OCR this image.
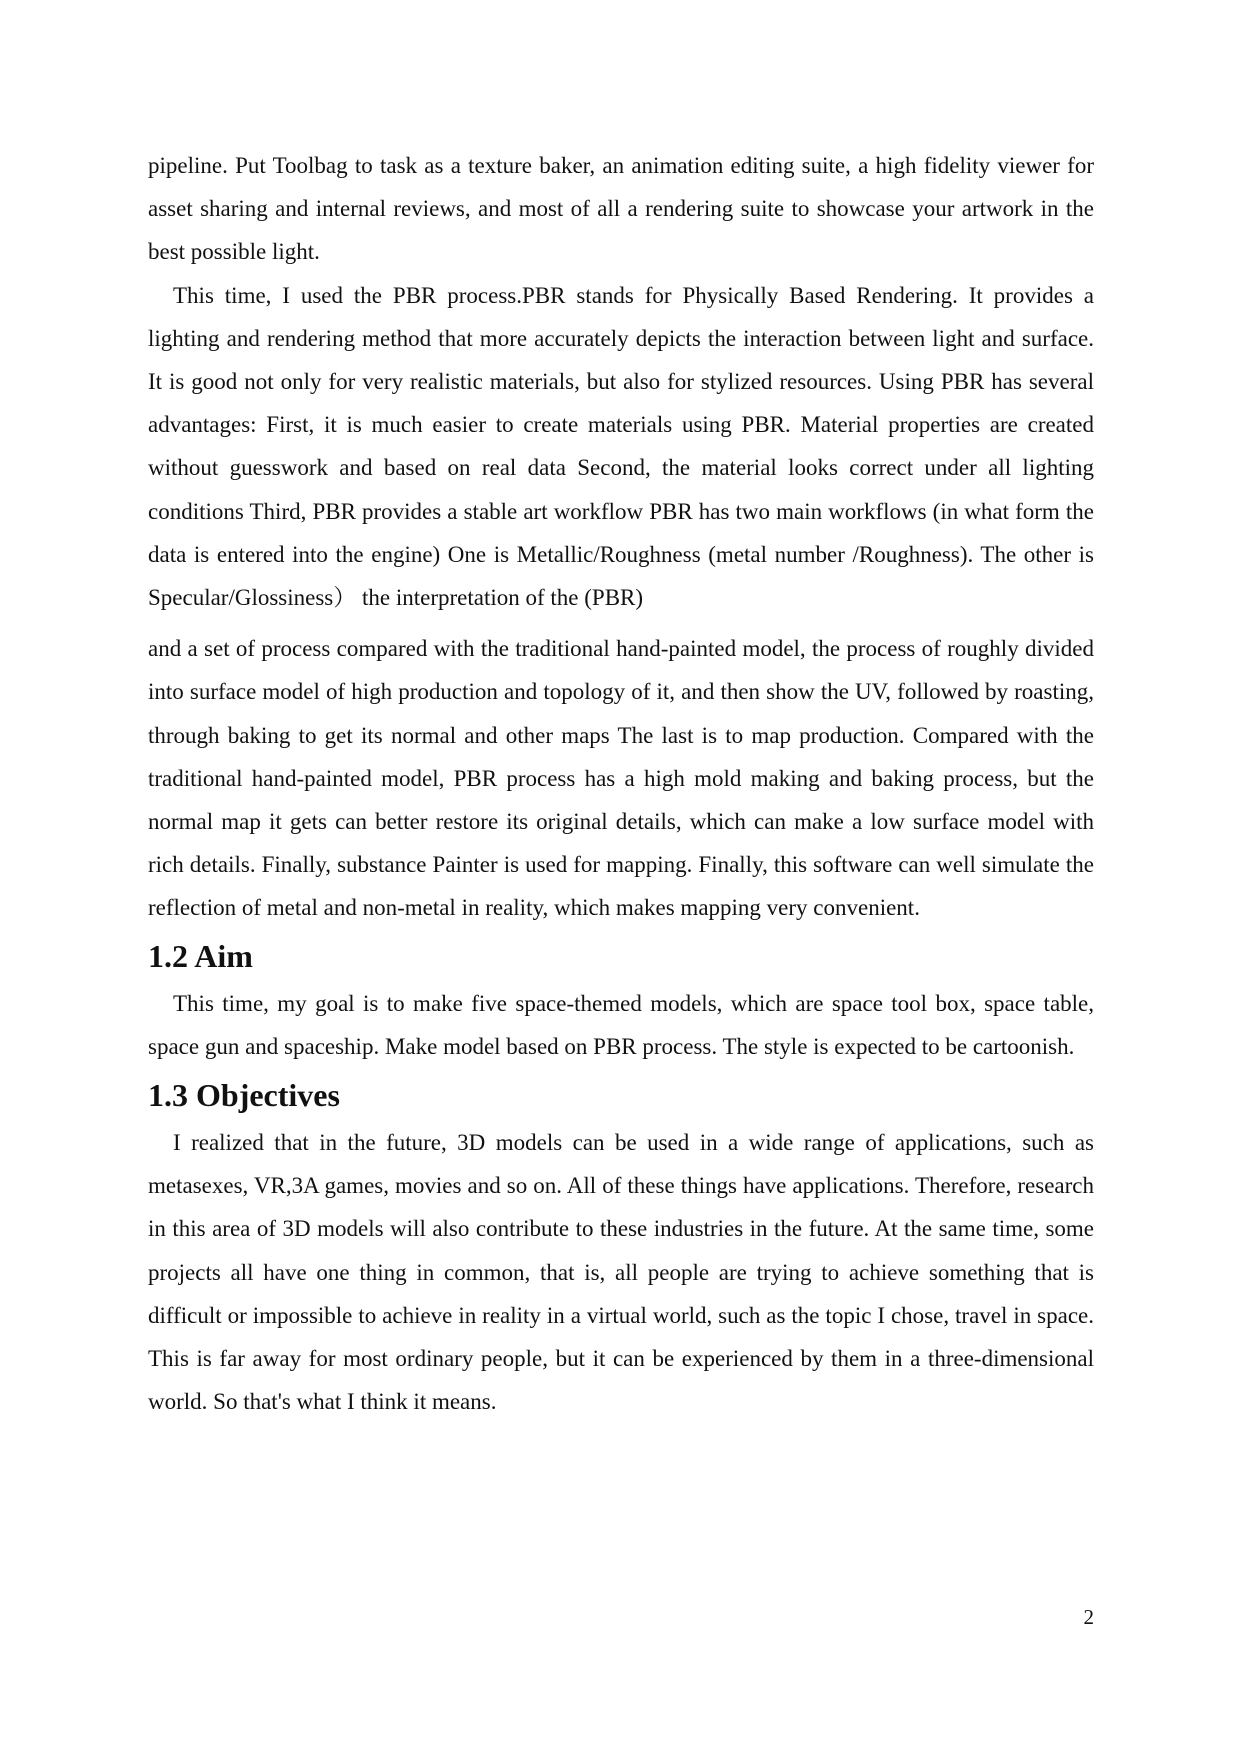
pipeline. Put Toolbag to task as a texture baker, an animation editing suite, a high fidelity viewer for asset sharing and internal reviews, and most of all a rendering suite to showcase your artwork in the best possible light.

This time, I used the PBR process.PBR stands for Physically Based Rendering. It provides a lighting and rendering method that more accurately depicts the interaction between light and surface. It is good not only for very realistic materials, but also for stylized resources. Using PBR has several advantages: First, it is much easier to create materials using PBR. Material properties are created without guesswork and based on real data Second, the material looks correct under all lighting conditions Third, PBR provides a stable art workflow PBR has two main workflows (in what form the data is entered into the engine) One is Metallic/Roughness (metal number /Roughness). The other is Specular/Glossiness） the interpretation of the (PBR)

and a set of process compared with the traditional hand-painted model, the process of roughly divided into surface model of high production and topology of it, and then show the UV, followed by roasting, through baking to get its normal and other maps The last is to map production. Compared with the traditional hand-painted model, PBR process has a high mold making and baking process, but the normal map it gets can better restore its original details, which can make a low surface model with rich details. Finally, substance Painter is used for mapping. Finally, this software can well simulate the reflection of metal and non-metal in reality, which makes mapping very convenient.

1.2 Aim

This time, my goal is to make five space-themed models, which are space tool box, space table, space gun and spaceship. Make model based on PBR process. The style is expected to be cartoonish.

1.3 Objectives

I realized that in the future, 3D models can be used in a wide range of applications, such as metasexes, VR,3A games, movies and so on. All of these things have applications. Therefore, research in this area of 3D models will also contribute to these industries in the future. At the same time, some projects all have one thing in common, that is, all people are trying to achieve something that is difficult or impossible to achieve in reality in a virtual world, such as the topic I chose, travel in space. This is far away for most ordinary people, but it can be experienced by them in a three-dimensional world. So that's what I think it means.

2
